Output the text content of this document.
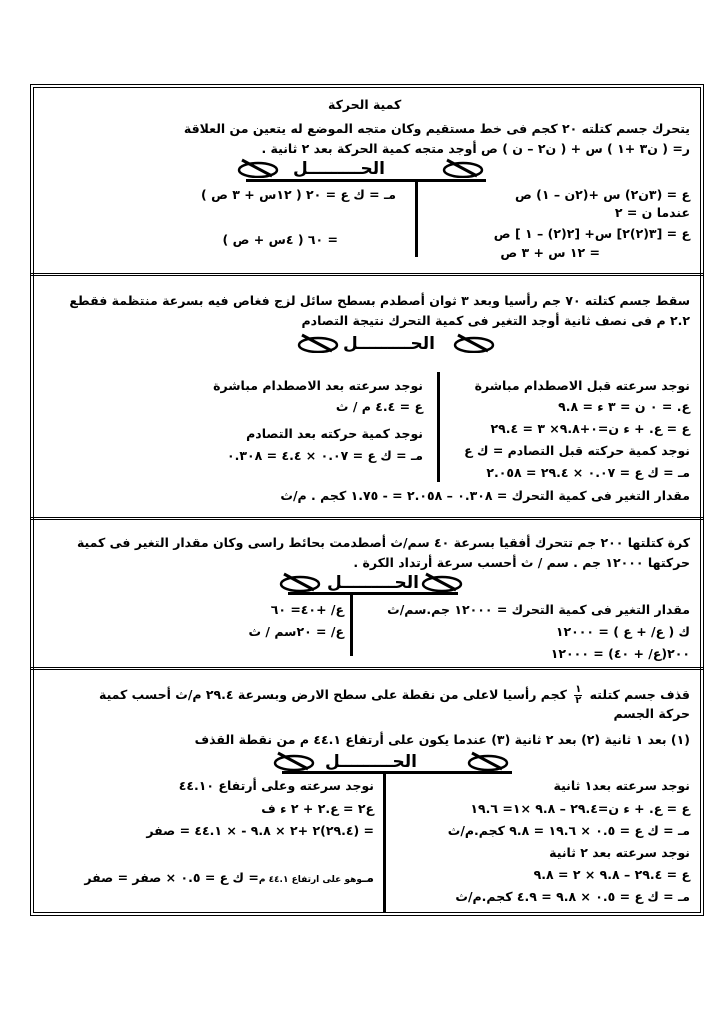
كمية الحركة
يتحرك جسم كتلته ٢٠ كجم فى خط مستقيم وكان متجه الموضع له يتعين من العلاقة
ر= ( ن٣ +١ ) س + ( ن٢ – ن ) ص أوجد متجه كمية الحركة بعد ٢ ثانية .
الحـــــــــل
ع = (٣ن٢) س +(٢ن – ١) ص
عندما ن = ٢
ع = [٣(٢)٢] س+ [٢(٢) – ١ ] ص
= ١٢ س + ٣ ص
مـ = ك ع = ٢٠ ( ١٢س + ٣ ص )
= ٦٠ ( ٤س + ص )
سقط جسم كتلته ٧٠ جم رأسيا وبعد ٣ ثوان أصطدم بسطح سائل لزج فغاص فيه بسرعة منتظمة فقطع
٢.٢ م فى نصف ثانية أوجد التغير فى كمية التحرك نتيجة التصادم
الحـــــــــل
نوجد سرعته قبل الاصطدام مباشرة
ع. = ٠ ن = ٣ ء = ٩.٨
ع = ع. + ء ن=٠+٩.٨× ٣ = ٢٩.٤
نوجد كمية حركته قبل التصادم = ك ع
مـ = ك ع = ٠.٠٧ × ٢٩.٤ = ٢.٠٥٨
نوجد سرعته بعد الاصطدام مباشرة
ع = ٤.٤ م / ث
نوجد كمية حركته بعد التصادم
مـ = ك ع = ٠.٠٧ × ٤.٤ = ٠.٣٠٨
مقدار التغير فى كمية التحرك = ٠.٣٠٨ – ٢.٠٥٨ = - ١.٧٥ كجم . م/ث
كرة كتلتها ٢٠٠ جم تتحرك أفقيا بسرعة ٤٠ سم/ث أصطدمت بحائط راسى وكان مقدار التغير فى كمية
حركتها ١٢٠٠٠ جم . سم / ث أحسب سرعة أرتداد الكرة .
الحـــــــــل
مقدار التغير فى كمية التحرك = ١٢٠٠٠ جم.سم/ث
ك ( ع/ + ع ) = ١٢٠٠٠
٢٠٠(ع/ + ٤٠) = ١٢٠٠٠
ع/ +٤٠= ٦٠
ع/ = ٢٠سم / ث
قذف جسم كتلته
$\frac{١}{٢}$
كجم رأسيا لاعلى من نقطة على سطح الارض وبسرعة ٢٩.٤ م/ث أحسب كمية
حركة الجسم
(١) بعد ١ ثانية (٢) بعد ٢ ثانية (٣) عندما يكون على أرتفاع ٤٤.١ م من نقطة القذف
الحـــــــــل
نوجد سرعته بعد١ ثانية
ع = ع. + ء ن=٢٩.٤ – ٩.٨ ×١= ١٩.٦
مـ = ك ع = ٠.٥ × ١٩.٦ = ٩.٨ كجم.م/ث
نوجد سرعته بعد ٢ ثانية
ع = ٢٩.٤ – ٩.٨ × ٢ = ٩.٨
مـ = ك ع = ٠.٥ × ٩.٨ = ٤.٩ كجم.م/ث
نوجد سرعته وعلى أرتفاع ٤٤.١٠
ع٢ = ع.٢ + ٢ ء ف
= (٢٩.٤)٢ +٢ × ٩.٨ - × ٤٤.١ = صفر
مـوهو على ارتفاع ٤٤.١ م= ك ع = ٠.٥ × صفر = صفر
